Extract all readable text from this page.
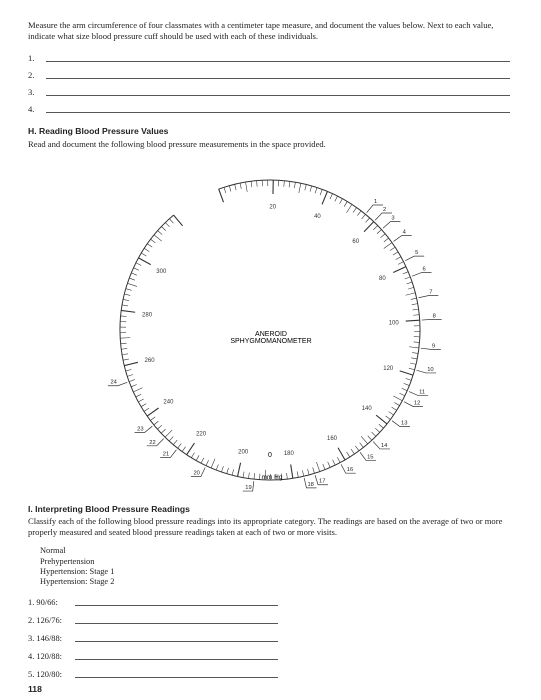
Measure the arm circumference of four classmates with a centimeter tape measure, and document the values below. Next to each value, indicate what size blood pressure cuff should be used with each of these individuals.
1.
2.
3.
4.
H. Reading Blood Pressure Values
Read and document the following blood pressure measurements in the space provided.
20
40
60
80
100
120
140
160
180
200
220
240
260
280
300
1
2
3
4
5
6
7
8
9
10
11
12
13
14
15
16
17
18
19
20
21
22
23
24
ANEROID
SPHYGMOMANOMETER
0
mm Hg
I. Interpreting Blood Pressure Readings
Classify each of the following blood pressure readings into its appropriate category. The readings are based on the average of two or more properly measured and seated blood pressure readings taken at each of two or more visits.
Normal
Prehypertension
Hypertension: Stage 1
Hypertension: Stage 2
1. 90/66:
2. 126/76:
3. 146/88:
4. 120/88:
5. 120/80:
118
